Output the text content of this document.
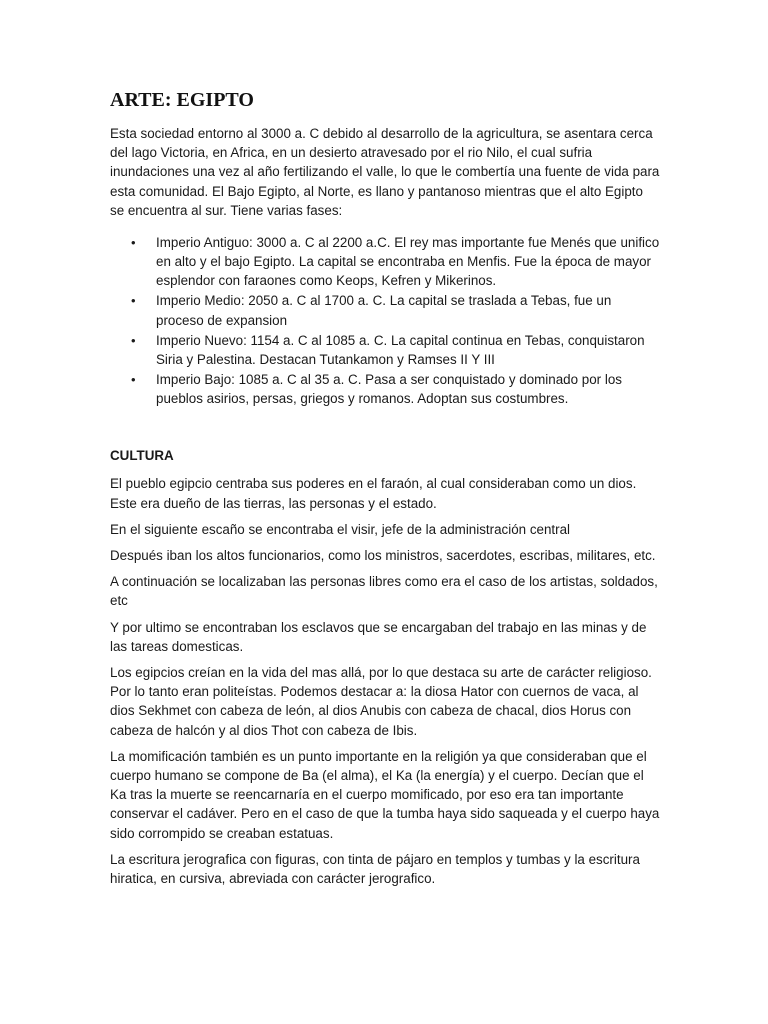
ARTE: EGIPTO

Esta sociedad entorno al 3000 a. C debido al desarrollo de la agricultura, se asentara cerca del lago Victoria, en Africa, en un desierto atravesado por el rio Nilo, el cual sufria inundaciones una vez al año fertilizando el valle, lo que le combertía una fuente de vida para esta comunidad. El Bajo Egipto, al Norte, es llano y pantanoso mientras que el alto Egipto se encuentra al sur. Tiene varias fases:

• Imperio Antiguo: 3000 a. C al 2200 a.C. El rey mas importante fue Menés que unifico en alto y el bajo Egipto. La capital se encontraba en Menfis. Fue la época de mayor esplendor con faraones como Keops, Kefren y Mikerinos.
• Imperio Medio: 2050 a. C al 1700 a. C. La capital se traslada a Tebas, fue un proceso de expansion
• Imperio Nuevo: 1154 a. C al 1085 a. C. La capital continua en Tebas, conquistaron Siria y Palestina. Destacan Tutankamon y Ramses II Y III
• Imperio Bajo: 1085 a. C al 35 a. C. Pasa a ser conquistado y dominado por los pueblos asirios, persas, griegos y romanos. Adoptan sus costumbres.
CULTURA

El pueblo egipcio centraba sus poderes en el faraón, al cual consideraban como un dios. Este era dueño de las tierras, las personas y el estado.

En el siguiente escaño se encontraba el visir, jefe de la administración central

Después iban los altos funcionarios, como los ministros, sacerdotes, escribas, militares, etc.

A continuación se localizaban las personas libres como era el caso de los artistas, soldados, etc

Y por ultimo se encontraban los esclavos que se encargaban del trabajo en las minas y de las tareas domesticas.

Los egipcios creían en la vida del mas allá, por lo que destaca su arte de carácter religioso. Por lo tanto eran politeístas. Podemos destacar a: la diosa Hator con cuernos de vaca, al dios Sekhmet con cabeza de león, al dios Anubis con cabeza de chacal, dios Horus con cabeza de halcón y al dios Thot con cabeza de Ibis.

La momificación también es un punto importante en la religión ya que consideraban que el cuerpo humano se compone de Ba (el alma), el Ka (la energía) y el cuerpo. Decían que el Ka tras la muerte se reencarnaría en el cuerpo momificado, por eso era tan importante conservar el cadáver. Pero en el caso de que la tumba haya sido saqueada y el cuerpo haya sido corrompido se creaban estatuas.

La escritura jerografica con figuras, con tinta de pájaro en templos y tumbas y la escritura hiratica, en cursiva, abreviada con carácter jerografico.
